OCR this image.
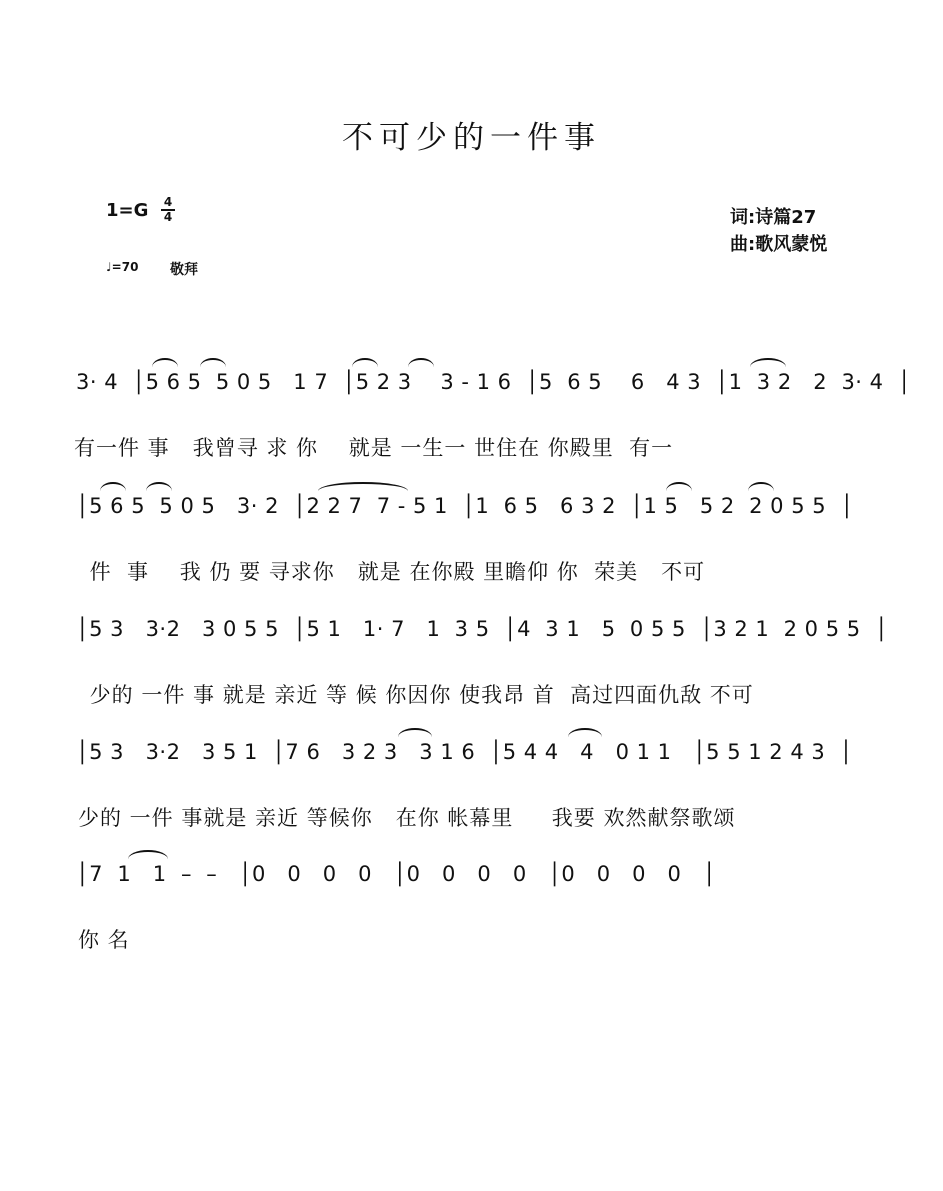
不可少的一件事
1=G	4
4
♩=70 敬拜
词:诗篇27
曲:歌风蒙悦
3· 4  │5 6 5  5 0 5   1 7  │5 2 3    3 - 1 6  │5  6 5    6   4 3  │1  3 2   2  3· 4  │
有一件 事   我曾寻 求 你    就是 一生一 世住在 你殿里  有一
│5 6 5  5 0 5   3· 2  │2 2 7  7 - 5 1  │1  6 5   6 3 2  │1 5   5 2  2 0 5 5  │
件  事    我 仍 要 寻求你   就是 在你殿 里瞻仰 你  荣美   不可
│5 3   3·2   3 0 5 5  │5 1   1· 7   1  3 5  │4  3 1   5  0 5 5  │3 2 1  2 0 5 5  │
少的 一件 事 就是 亲近 等 候 你因你 使我昂 首  高过四面仇敌 不可
│5 3   3·2   3 5 1  │7 6   3 2 3   3 1 6  │5 4 4   4   0 1 1   │5 5 1 2 4 3  │
少的 一件 事就是 亲近 等候你   在你 帐幕里     我要 欢然献祭歌颂
│7  1   1  –  –   │0   0   0   0   │0   0   0   0   │0   0   0   0   │
你 名
